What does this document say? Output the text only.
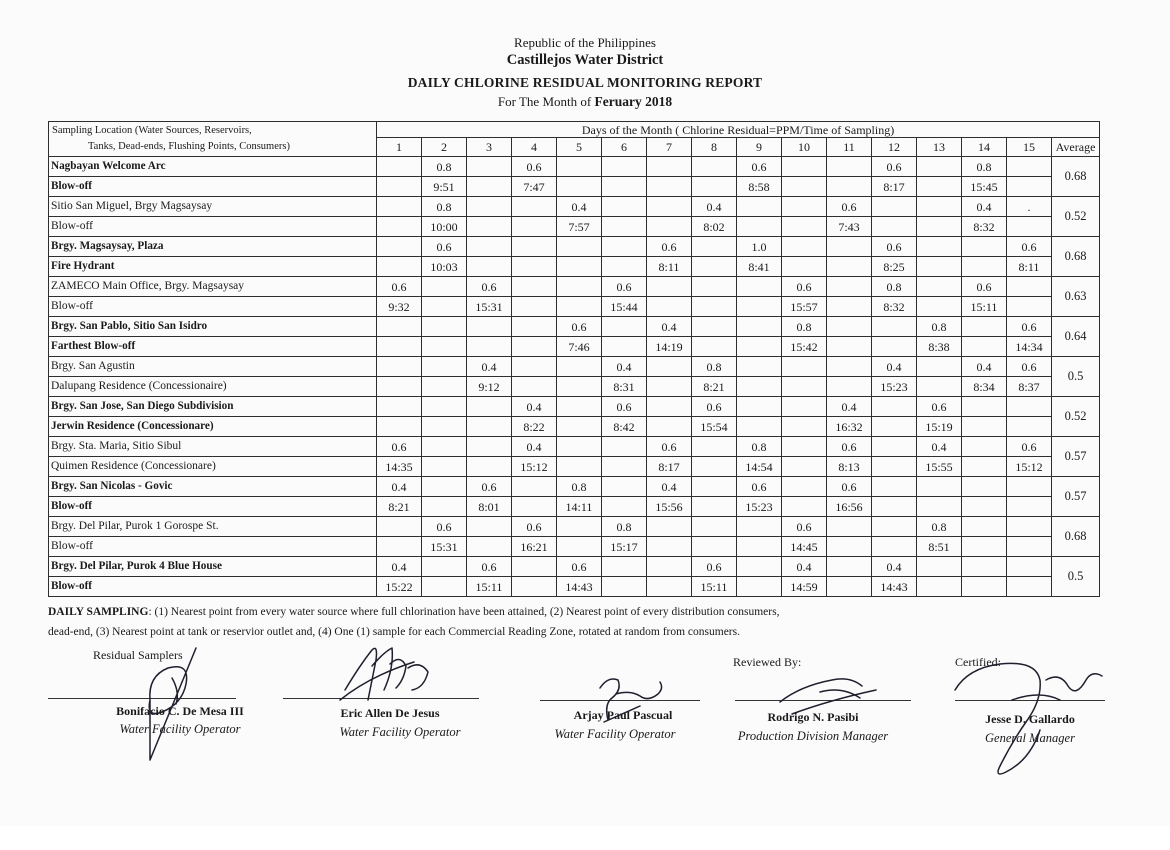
Republic of the Philippines
Castillejos Water District
DAILY CHLORINE RESIDUAL MONITORING REPORT
For The Month of Feruary 2018
Sampling Location (Water Sources, Reservoirs,
Tanks, Dead-ends, Flushing Points, Consumers)	Days of the Month ( Chlorine Residual=PPM/Time of Sampling)															
	1	2	3	4	5	6	7	8	9	10	11	12	13	14	15	Average
Nagbayan Welcome Arc		0.8		0.6					0.6			0.6		0.8		0.68
Blow-off		9:51		7:47					8:58			8:17		15:45		
Sitio San Miguel, Brgy Magsaysay		0.8			0.4			0.4			0.6			0.4	.	0.52
Blow-off		10:00			7:57			8:02			7:43			8:32		
Brgy. Magsaysay, Plaza		0.6					0.6		1.0			0.6			0.6	0.68
Fire Hydrant		10:03					8:11		8:41			8:25			8:11	
ZAMECO Main Office, Brgy. Magsaysay	0.6		0.6			0.6				0.6		0.8		0.6		0.63
Blow-off	9:32		15:31			15:44				15:57		8:32		15:11		
Brgy. San Pablo, Sitio San Isidro					0.6		0.4			0.8			0.8		0.6	0.64
Farthest Blow-off					7:46		14:19			15:42			8:38		14:34	
Brgy. San Agustin			0.4			0.4		0.8				0.4		0.4	0.6	0.5
Dalupang Residence (Concessionaire)			9:12			8:31		8:21				15:23		8:34	8:37	
Brgy. San Jose, San Diego Subdivision				0.4		0.6		0.6			0.4		0.6			0.52
Jerwin Residence (Concessionare)				8:22		8:42		15:54			16:32		15:19			
Brgy. Sta. Maria, Sitio Sibul	0.6			0.4			0.6		0.8		0.6		0.4		0.6	0.57
Quimen Residence (Concessionare)	14:35			15:12			8:17		14:54		8:13		15:55		15:12	
Brgy. San Nicolas - Govic	0.4		0.6		0.8		0.4		0.6		0.6					0.57
Blow-off	8:21		8:01		14:11		15:56		15:23		16:56					
Brgy. Del Pilar, Purok 1 Gorospe St.		0.6		0.6		0.8				0.6			0.8			0.68
Blow-off		15:31		16:21		15:17				14:45			8:51			
Brgy. Del Pilar, Purok 4 Blue House	0.4		0.6		0.6			0.6		0.4		0.4				0.5
Blow-off	15:22		15:11		14:43			15:11		14:59		14:43				
DAILY SAMPLING: (1) Nearest point from every water source where full chlorination have been attained, (2) Nearest point of every distribution consumers,
dead-end, (3) Nearest point at tank or reservior outlet and, (4) One (1) sample for each Commercial Reading Zone, rotated at random from consumers.
Residual Samplers	Reviewed By:	Certified:
Bonifacio C. De Mesa III
Water Facility Operator
Eric Allen De Jesus
Water Facility Operator
Arjay Paul Pascual
Water Facility Operator
Rodrigo N. Pasibi
Production Division Manager
Jesse D. Gallardo
General Manager
